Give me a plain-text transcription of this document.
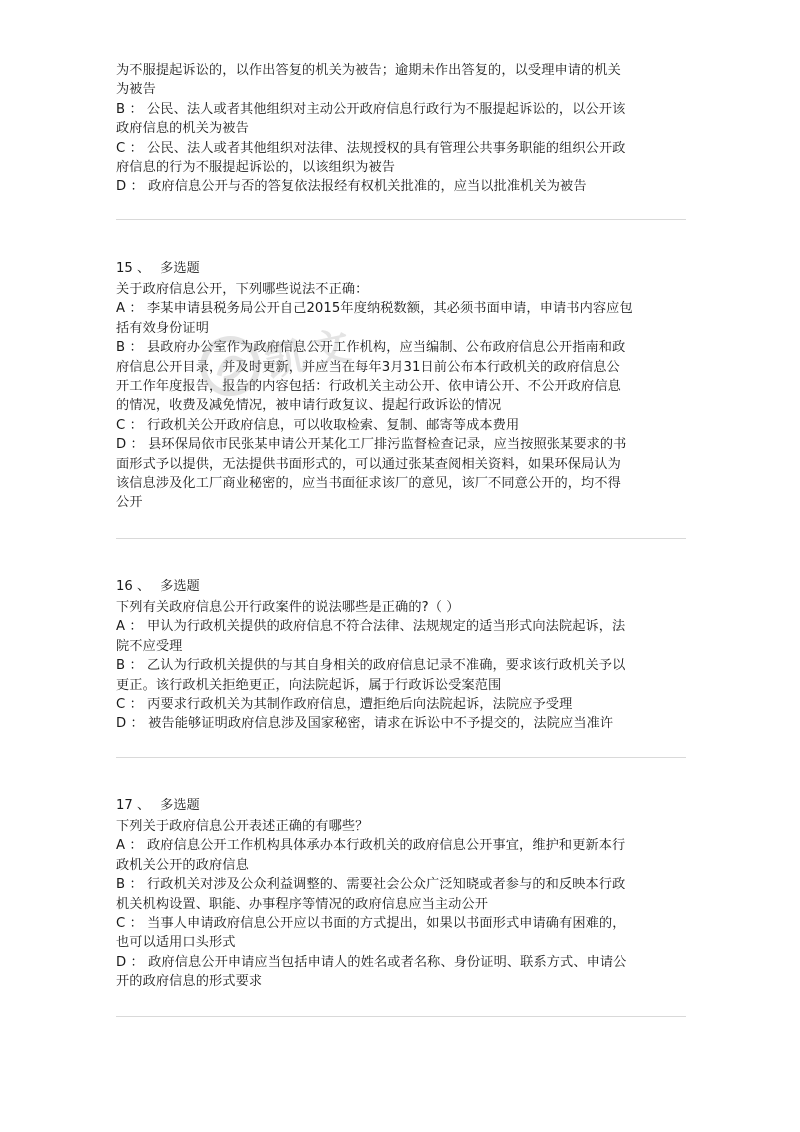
为不服提起诉讼的，以作出答复的机关为被告；逾期未作出答复的，以受理申请的机关
为被告
B ： 公民、法人或者其他组织对主动公开政府信息行政行为不服提起诉讼的，以公开该
政府信息的机关为被告
C ： 公民、法人或者其他组织对法律、法规授权的具有管理公共事务职能的组织公开政
府信息的行为不服提起诉讼的，以该组织为被告
D ： 政府信息公开与否的答复依法报经有权机关批准的，应当以批准机关为被告
15 、 多选题
关于政府信息公开，下列哪些说法不正确：
A ： 李某申请县税务局公开自己2015年度纳税数额，其必须书面申请，申请书内容应包
括有效身份证明
B ： 县政府办公室作为政府信息公开工作机构，应当编制、公布政府信息公开指南和政
府信息公开目录，并及时更新，并应当在每年3月31日前公布本行政机关的政府信息公
开工作年度报告，报告的内容包括：行政机关主动公开、依申请公开、不公开政府信息
的情况，收费及减免情况，被申请行政复议、提起行政诉讼的情况
C ： 行政机关公开政府信息，可以收取检索、复制、邮寄等成本费用
D ： 县环保局依市民张某申请公开某化工厂排污监督检查记录，应当按照张某要求的书
面形式予以提供，无法提供书面形式的，可以通过张某查阅相关资料，如果环保局认为
该信息涉及化工厂商业秘密的，应当书面征求该厂的意见，该厂不同意公开的，均不得
公开
16 、 多选题
下列有关政府信息公开行政案件的说法哪些是正确的?（ ）
A ： 甲认为行政机关提供的政府信息不符合法律、法规规定的适当形式向法院起诉，法
院不应受理
B ： 乙认为行政机关提供的与其自身相关的政府信息记录不准确，要求该行政机关予以
更正。该行政机关拒绝更正，向法院起诉，属于行政诉讼受案范围
C ： 丙要求行政机关为其制作政府信息，遭拒绝后向法院起诉，法院应予受理
D ： 被告能够证明政府信息涉及国家秘密，请求在诉讼中不予提交的，法院应当准许
17 、 多选题
下列关于政府信息公开表述正确的有哪些？
A ： 政府信息公开工作机构具体承办本行政机关的政府信息公开事宜，维护和更新本行
政机关公开的政府信息
B ： 行政机关对涉及公众利益调整的、需要社会公众广泛知晓或者参与的和反映本行政
机关机构设置、职能、办事程序等情况的政府信息应当主动公开
C ： 当事人申请政府信息公开应以书面的方式提出，如果以书面形式申请确有困难的，
也可以适用口头形式
D ： 政府信息公开申请应当包括申请人的姓名或者名称、身份证明、联系方式、申请公
开的政府信息的形式要求
凯文
